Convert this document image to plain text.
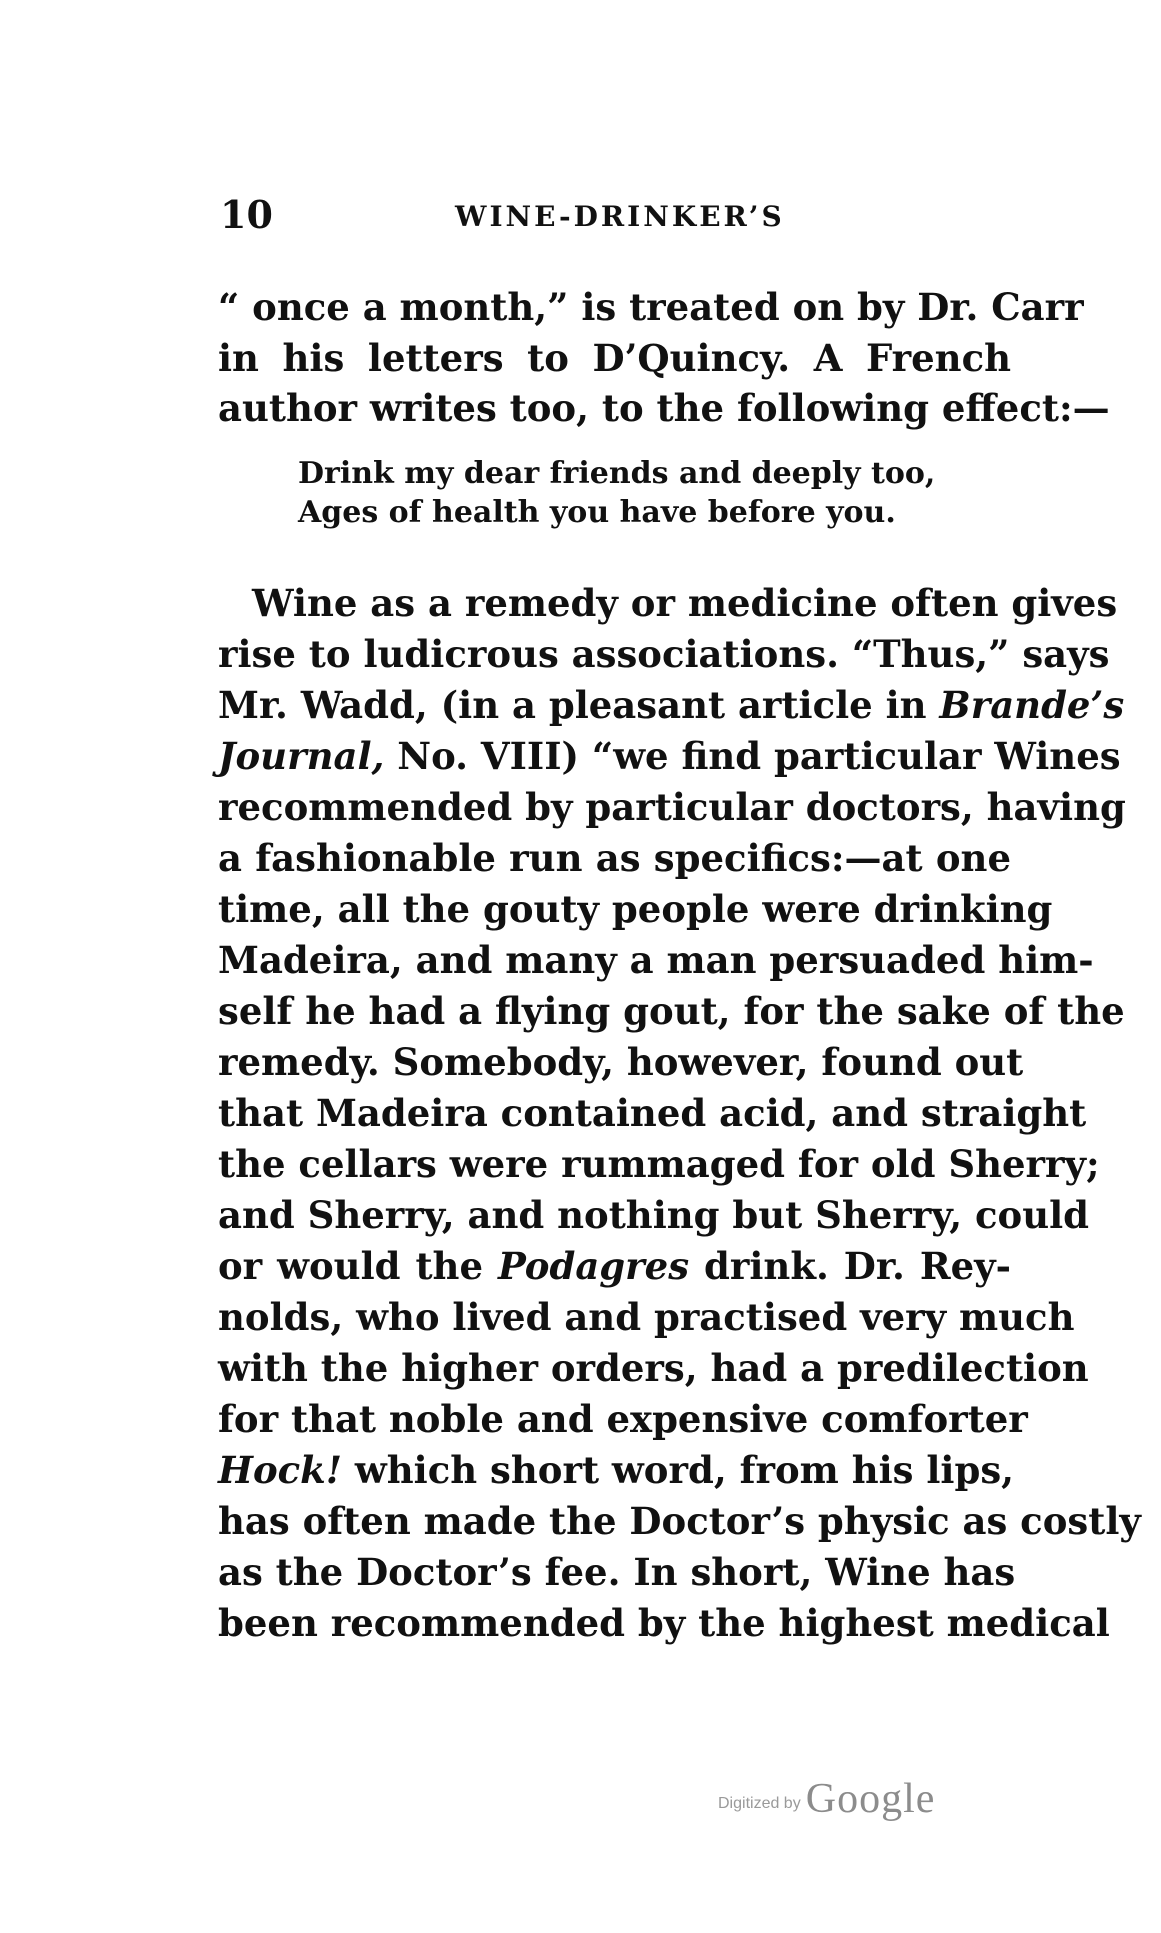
10	WINE-DRINKER’S
“ once a month,” is treated on by Dr. Carr
in his letters to D’Quincy. A French
author writes too, to the following effect:—
Drink my dear friends and deeply too,
Ages of health you have before you.
Wine as a remedy or medicine often gives
rise to ludicrous associations. “Thus,” says
Mr. Wadd, (in a pleasant article in Brande’s
Journal, No. VIII) “we find particular Wines
recommended by particular doctors, having
a fashionable run as specifics:—at one
time, all the gouty people were drinking
Madeira, and many a man persuaded him-
self he had a flying gout, for the sake of the
remedy. Somebody, however, found out
that Madeira contained acid, and straight
the cellars were rummaged for old Sherry;
and Sherry, and nothing but Sherry, could
or would the Podagres drink. Dr. Rey-
nolds, who lived and practised very much
with the higher orders, had a predilection
for that noble and expensive comforter
Hock! which short word, from his lips,
has often made the Doctor’s physic as costly
as the Doctor’s fee. In short, Wine has
been recommended by the highest medical
Digitized by Google
